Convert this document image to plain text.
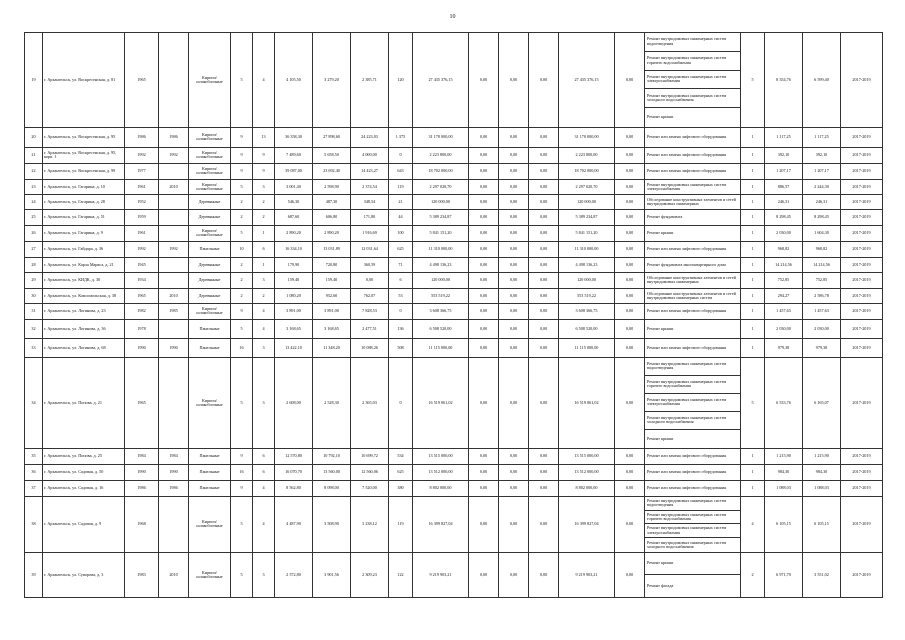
10
19	г. Архангельск, ул. Воскресенская, д. 81	1965		Кирпич/ шлакоблочные	5	4	4 105,50	3 279,20	2 385,71	120	27 435 376,15	0,00	0,00	0,00	27 435 376,15	0,00	Ремонт внутридомовых инженерных систем водоотведения
Ремонт внутридомовых инженерных систем горячего водоснабжения
Ремонт внутридомовых инженерных систем электроснабжения
Ремонт внутридомовых инженерных систем холодного водоснабжения
Ремонт крыши	5	8 354,76	6 599,40	2017-2019
20	г. Архангельск, ул. Воскресенская, д. 95	1986	1986	Кирпич/ шлакоблочные	9	13	36 358,30	27 898,60	24 223,03	1 375	31 170 000,00	0,00	0,00	0,00	31 170 000,00	0,00	Ремонт или замена лифтового оборудования	1	1 117,25	1 117,25	2017-2019
21	г. Архангельск, ул. Воскресенская, д. 95, корп. 1	1992	1992	Кирпич/ шлакоблочные	9	9	7 489,60	5 658,50	4 000,00	0	2 223 800,00	0,00	0,00	0,00	2 223 800,00	0,00	Ремонт или замена лифтового оборудования	1	392,10	392,10	2017-2019
22	г. Архангельск, ул. Воскресенская, д. 99	1977		Кирпич/ шлакоблочные	9	9	39 087,00	23 692,40	14 423,27	643	18 702 000,00	0,00	0,00	0,00	18 702 000,00	0,00	Ремонт или замена лифтового оборудования	1	1 207,17	1 207,17	2017-2019
23	г. Архангельск, ул. Гагарина, д. 10	1961	2010	Кирпич/ шлакоблочные	5	3	3 001,40	2 598,90	2 374,54	119	2 297 020,70	0,00	0,00	0,00	2 297 020,70	0,00	Ремонт внутридомовых инженерных систем электроснабжения	1	886,57	2 244,30	2017-2019
24	г. Архангельск, ул. Гагарина, д. 28	1952		Деревянные	2	2	546,30	487,30	348,54	21	120 000,00	0,00	0,00	0,00	120 000,00	0,00	Обследование конструктивных элементов и сетей внутридомовых инженерных	1	246,31	246,31	2017-2019
25	г. Архангельск, ул. Гагарина, д. 51	1959		Деревянные	2	2	687,60	606,80	171,80	44	5 389 234,87	0,00	0,00	0,00	5 389 234,87	0,00	Ремонт фундамента	1	8 298,45	8 298,45	2017-2019
26	г. Архангельск, ул. Гагарина, д. 9	1961		Кирпич/ шлакоблочные	5	1	2 890,20	2 890,20	1 916,69	100	5 841 151,20	0,00	0,00	0,00	5 841 151,20	0,00	Ремонт крыши	1	2 030,00	1 604,30	2017-2019
27	г. Архангельск, ул. Гайдара, д. 36	1992	1992	Панельные	10	6	16 334,10	13 031,89	12 031,64	625	11 310 000,00	0,00	0,00	0,00	11 310 000,00	0,00	Ремонт или замена лифтового оборудования	1	968,82	968,82	2017-2019
28	г. Архангельск, ул. Карла Маркса, д. 21	1945		Деревянные	2	1	179,90	720,80	360,59	71	4 498 136,23	0,00	0,00	0,00	4 498 136,23	0,00	Ремонт фундамента многоквартирного дома	1	14 214,56	14 214,56	2017-2019
29	г. Архангельск, ул. КИДК, д. 30	1934		Деревянные	2	3	159,40	159,40	0,00	6	120 000,00	0,00	0,00	0,00	120 000,00	0,00	Обследование конструктивных элементов и сетей внутридомовых инженерных	1	752,85	752,85	2017-2019
30	г. Архангельск, ул. Комсомольская, д. 38	1965	2010	Деревянные	2	2	1 080,20	952,60	762,07	53	553 519,22	0,00	0,00	0,00	553 519,22	0,00	Обследование конструктивных элементов и сетей внутридомовых инженерных систем	1	294,27	2 586,78	2017-2019
31	г. Архангельск, ул. Логинова, д. 23	1982	1985	Кирпич/ шлакоблочные	9	4	3 891,00	3 891,00	7 828,53	0	3 608 366,75	0,00	0,00	0,00	3 608 366,75	0,00	Ремонт или замена лифтового оборудования	1	1 457,63	1 457,63	2017-2019
32	г. Архангельск, ул. Логинова, д. 36	1978		Панельные	5	4	3 168,65	3 168,65	2 477,51	136	6 508 520,00	0,00	0,00	0,00	6 508 520,00	0,00	Ремонт крыши	1	2 030,00	2 030,00	2017-2019
33	г. Архангельск, ул. Логинова, д. 68	1990	1990	Панельные	16	3	13 422,10	11 348,20	10 088,26	508	11 115 000,00	0,00	0,00	0,00	11 115 000,00	0,00	Ремонт или замена лифтового оборудования	1	979,38	979,38	2017-2019
34	г. Архангельск, ул. Попова, д. 21	1965		Кирпич/ шлакоблочные	5	3	2 608,00	2 528,30	2 365,03	0	16 519 061,02	0,00	0,00	0,00	16 519 061,02	0,00	Ремонт внутридомовых инженерных систем водоотведения
Ремонт внутридомовых инженерных систем горячего водоснабжения
Ремонт внутридомовых инженерных систем электроснабжения
Ремонт внутридомовых инженерных систем холодного водоснабжения
Ремонт крыши	5	6 533,76	6 165,07	2017-2019
35	г. Архангельск, ул. Попова, д. 25	1984	1984	Панельные	9	6	12 570,80	10 792,10	10 699,72	534	13 515 000,00	0,00	0,00	0,00	13 515 000,00	0,00	Ремонт или замена лифтового оборудования	1	1 215,90	1 215,90	2017-2019
36	г. Архангельск, ул. Садовая, д. 50	1990	1990	Панельные	16	6	16 070,70	13 560,00	12 560,06	625	13 512 000,00	0,00	0,00	0,00	13 512 000,00	0,00	Ремонт или замена лифтового оборудования	1	984,30	984,30	2017-2019
37	г. Архангельск, ул. Садовая, д. 16	1986	1986	Панельные	9	4	8 562,80	8 098,00	7 520,00	380	8 802 000,00	0,00	0,00	0,00	8 802 000,00	0,00	Ремонт или замена лифтового оборудования	1	1 088,03	1 088,03	2017-2019
38	г. Архангельск, ул. Садовая, д. 9	1968		Кирпич/ шлакоблочные	5	4	4 487,90	3 508,90	3 238,12	119	16 399 827,04	0,00	0,00	0,00	16 399 827,04	0,00	Ремонт внутридомовых инженерных систем водоотведения
Ремонт внутридомовых инженерных систем горячего водоснабжения
Ремонт внутридомовых инженерных систем электроснабжения
Ремонт внутридомовых инженерных систем холодного водоснабжения	4	6 105,15	6 105,15	2017-2019
39	г. Архангельск, ул. Суворова, д. 3	1983	2010	Кирпич/ шлакоблочные	5	3	2 572,80	3 901,56	2 309,23	122	9 219 903,21	0,00	0,00	0,00	9 219 903,21	0,00	Ремонт крыши
Ремонт фасада	2	6 971,70	3 551,02	2017-2019
